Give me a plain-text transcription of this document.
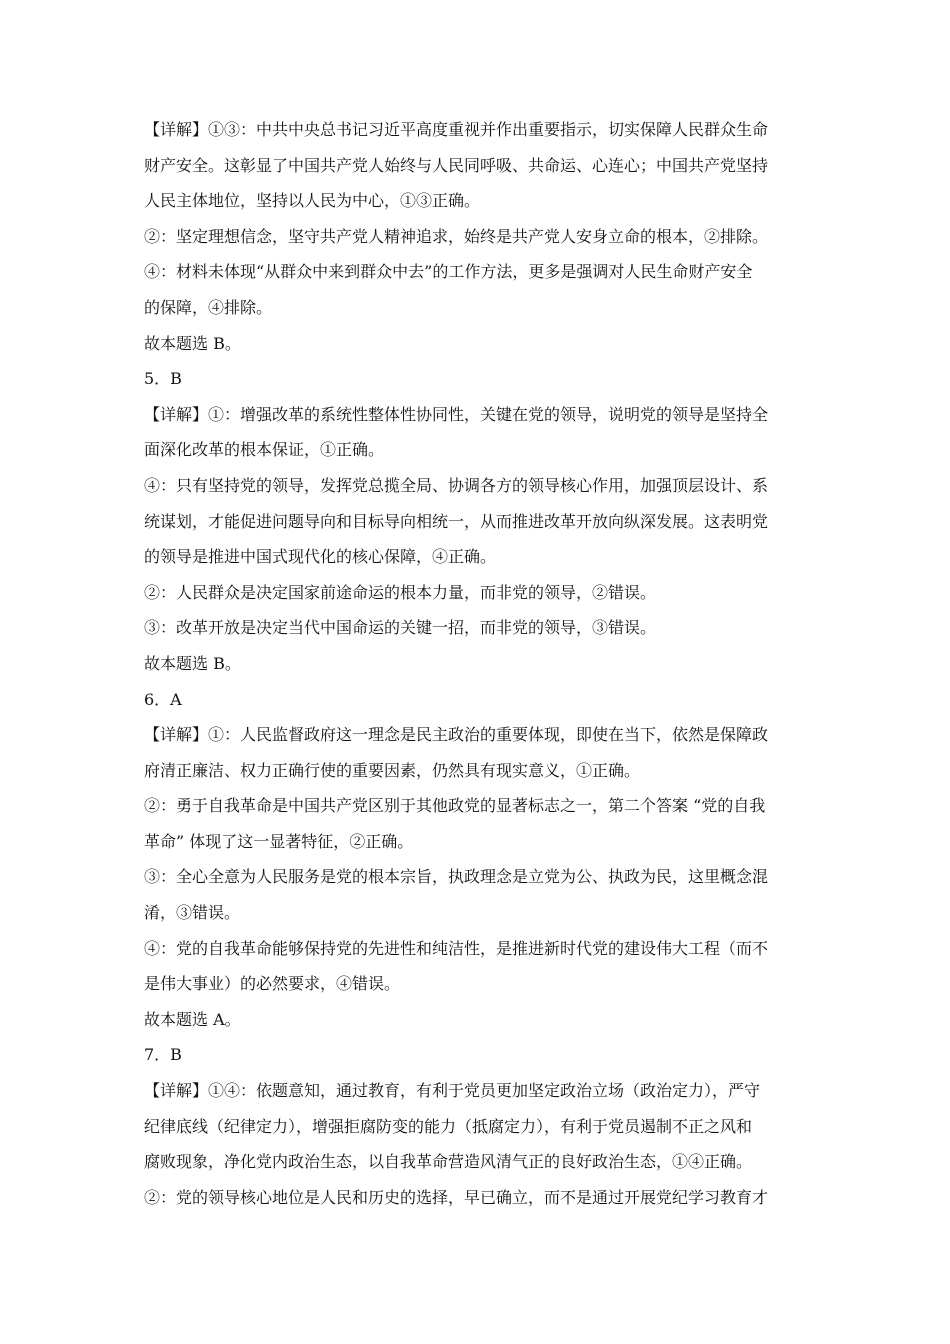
【详解】①③：中共中央总书记习近平高度重视并作出重要指示，切实保障人民群众生命
财产安全。这彰显了中国共产党人始终与人民同呼吸、共命运、心连心；中国共产党坚持
人民主体地位，坚持以人民为中心，①③正确。
②：坚定理想信念，坚守共产党人精神追求，始终是共产党人安身立命的根本，②排除。
④：材料未体现“从群众中来到群众中去”的工作方法，更多是强调对人民生命财产安全
的保障，④排除。
故本题选 B。
5．B
【详解】①：增强改革的系统性整体性协同性，关键在党的领导，说明党的领导是坚持全
面深化改革的根本保证，①正确。
④：只有坚持党的领导，发挥党总揽全局、协调各方的领导核心作用，加强顶层设计、系
统谋划，才能促进问题导向和目标导向相统一，从而推进改革开放向纵深发展。这表明党
的领导是推进中国式现代化的核心保障，④正确。
②：人民群众是决定国家前途命运的根本力量，而非党的领导，②错误。
③：改革开放是决定当代中国命运的关键一招，而非党的领导，③错误。
故本题选 B。
6．A
【详解】①：人民监督政府这一理念是民主政治的重要体现，即使在当下，依然是保障政
府清正廉洁、权力正确行使的重要因素，仍然具有现实意义，①正确。
②：勇于自我革命是中国共产党区别于其他政党的显著标志之一，第二个答案 “党的自我
革命” 体现了这一显著特征，②正确。
③：全心全意为人民服务是党的根本宗旨，执政理念是立党为公、执政为民，这里概念混
淆，③错误。
④：党的自我革命能够保持党的先进性和纯洁性，是推进新时代党的建设伟大工程（而不
是伟大事业）的必然要求，④错误。
故本题选 A。
7．B
【详解】①④：依题意知，通过教育，有利于党员更加坚定政治立场（政治定力），严守
纪律底线（纪律定力），增强拒腐防变的能力（抵腐定力），有利于党员遏制不正之风和
腐败现象，净化党内政治生态，以自我革命营造风清气正的良好政治生态，①④正确。
②：党的领导核心地位是人民和历史的选择，早已确立，而不是通过开展党纪学习教育才
